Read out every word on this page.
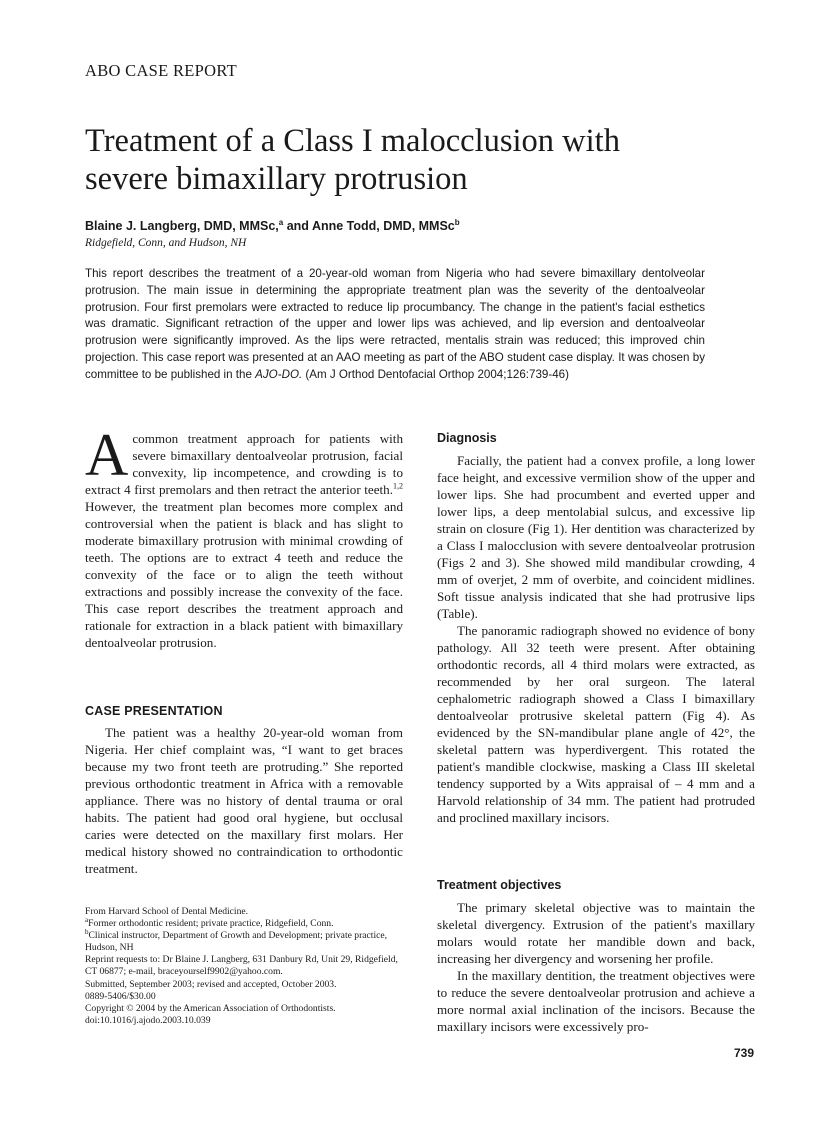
ABO CASE REPORT
Treatment of a Class I malocclusion with
severe bimaxillary protrusion
Blaine J. Langberg, DMD, MMSc,$^a$ and Anne Todd, DMD, MMSc$^b$
Ridgefield, Conn, and Hudson, NH
This report describes the treatment of a 20-year-old woman from Nigeria who had severe bimaxillary dentolveolar protrusion. The main issue in determining the appropriate treatment plan was the severity of the dentoalveolar protrusion. Four first premolars were extracted to reduce lip procumbancy. The change in the patient's facial esthetics was dramatic. Significant retraction of the upper and lower lips was achieved, and lip eversion and dentoalveolar protrusion were significantly improved. As the lips were retracted, mentalis strain was reduced; this improved chin projection. This case report was presented at an AAO meeting as part of the ABO student case display. It was chosen by committee to be published in the AJO-DO. (Am J Orthod Dentofacial Orthop 2004;126:739-46)

Acommon treatment approach for patients with severe bimaxillary dentoalveolar protrusion, facial convexity, lip incompetence, and crowding is to extract 4 first premolars and then retract the anterior teeth.$^{1,2}$ However, the treatment plan becomes more complex and controversial when the patient is black and has slight to moderate bimaxillary protrusion with minimal crowding of teeth. The options are to extract 4 teeth and reduce the convexity of the face or to align the teeth without extractions and possibly increase the convexity of the face. This case report describes the treatment approach and rationale for extraction in a black patient with bimaxillary dentoalveolar protrusion.

CASE PRESENTATION

The patient was a healthy 20-year-old woman from Nigeria. Her chief complaint was, “I want to get braces because my two front teeth are protruding.” She reported previous orthodontic treatment in Africa with a removable appliance. There was no history of dental trauma or oral habits. The patient had good oral hygiene, but occlusal caries were detected on the maxillary first molars. Her medical history showed no contraindication to orthodontic treatment.

From Harvard School of Dental Medicine.
$^a$Former orthodontic resident; private practice, Ridgefield, Conn.
$^b$Clinical instructor, Department of Growth and Development; private practice, Hudson, NH
Reprint requests to: Dr Blaine J. Langberg, 631 Danbury Rd, Unit 29, Ridgefield, CT 06877; e-mail, braceyourself9902@yahoo.com.
Submitted, September 2003; revised and accepted, October 2003.
0889-5406/$30.00
Copyright © 2004 by the American Association of Orthodontists.
doi:10.1016/j.ajodo.2003.10.039
Diagnosis

Facially, the patient had a convex profile, a long lower face height, and excessive vermilion show of the upper and lower lips. She had procumbent and everted upper and lower lips, a deep mentolabial sulcus, and excessive lip strain on closure (Fig 1). Her dentition was characterized by a Class I malocclusion with severe dentoalveolar protrusion (Figs 2 and 3). She showed mild mandibular crowding, 4 mm of overjet, 2 mm of overbite, and coincident midlines. Soft tissue analysis indicated that she had protrusive lips (Table).

The panoramic radiograph showed no evidence of bony pathology. All 32 teeth were present. After obtaining orthodontic records, all 4 third molars were extracted, as recommended by her oral surgeon. The lateral cephalometric radiograph showed a Class I bimaxillary dentoalveolar protrusive skeletal pattern (Fig 4). As evidenced by the SN-mandibular plane angle of 42°, the skeletal pattern was hyperdivergent. This rotated the patient's mandible clockwise, masking a Class III skeletal tendency supported by a Wits appraisal of – 4 mm and a Harvold relationship of 34 mm. The patient had protruded and proclined maxillary incisors.

Treatment objectives

The primary skeletal objective was to maintain the skeletal divergency. Extrusion of the patient's maxillary molars would rotate her mandible down and back, increasing her divergency and worsening her profile.

In the maxillary dentition, the treatment objectives were to reduce the severe dentoalveolar protrusion and achieve a more normal axial inclination of the incisors. Because the maxillary incisors were excessively pro-

739
